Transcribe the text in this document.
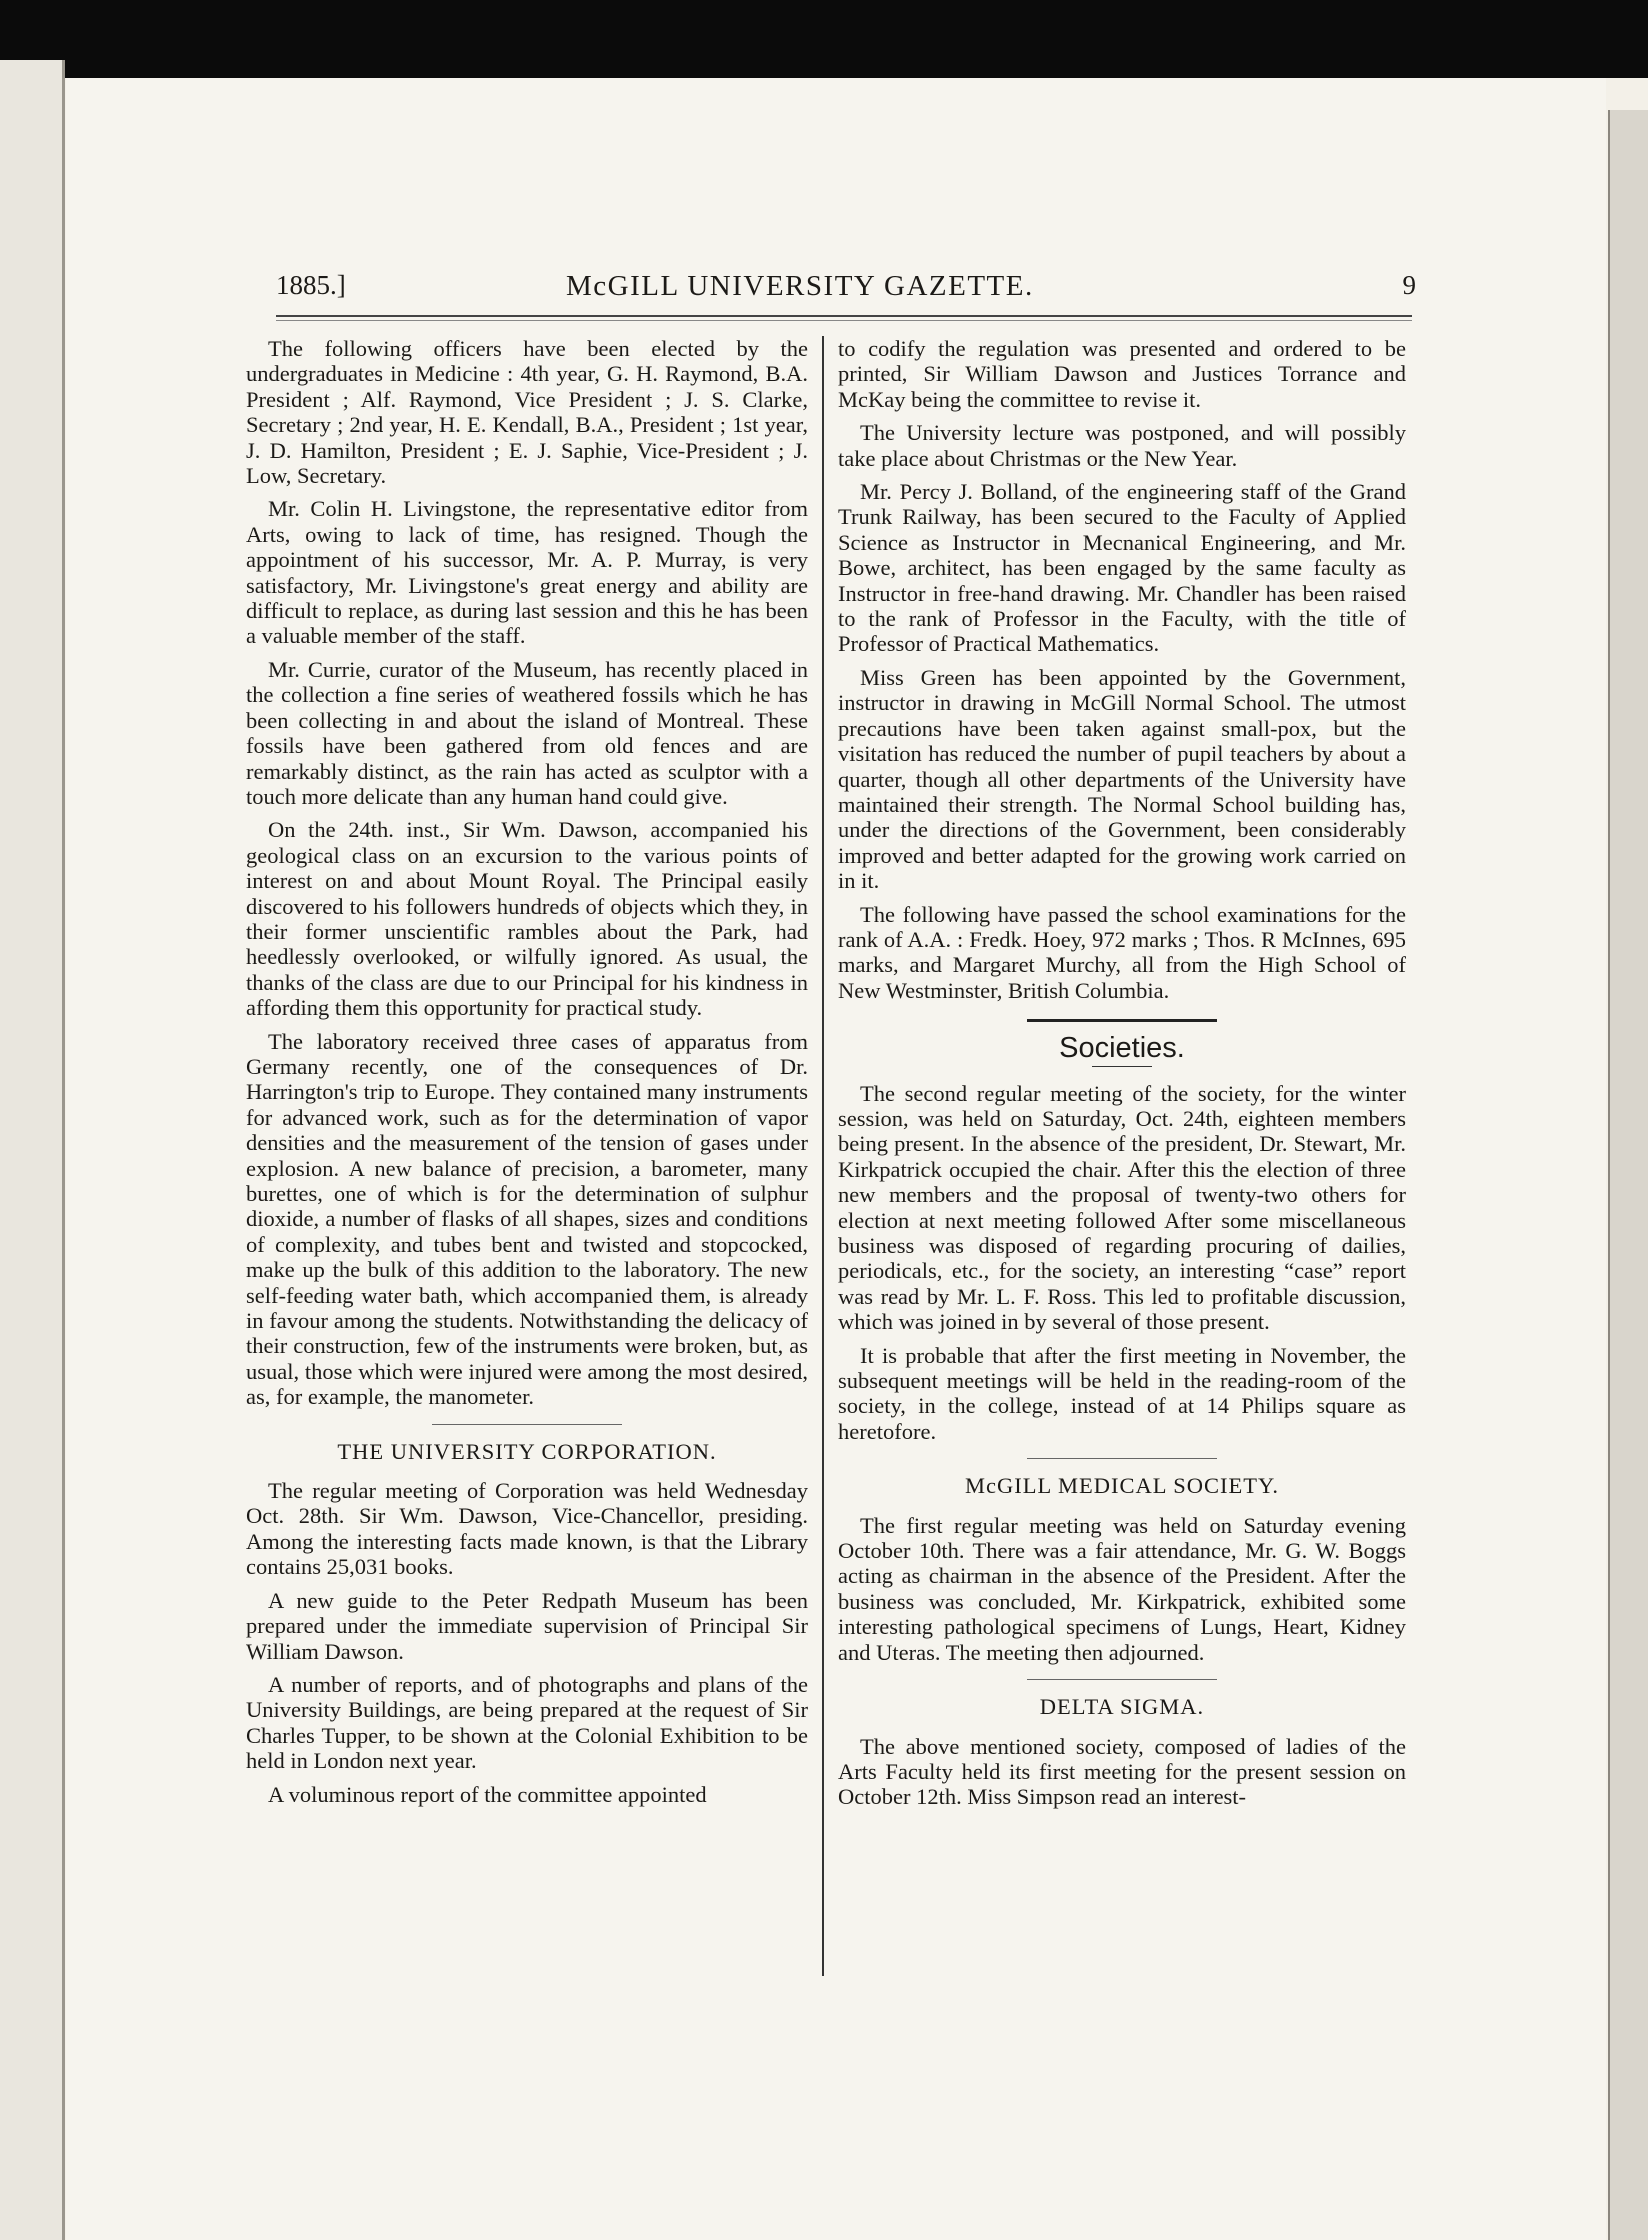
1885.]	McGILL UNIVERSITY GAZETTE.	9

The following officers have been elected by the undergraduates in Medicine : 4th year, G. H. Raymond, B.A. President ; Alf. Raymond, Vice President ; J. S. Clarke, Secretary ; 2nd year, H. E. Kendall, B.A., President ; 1st year, J. D. Hamilton, President ; E. J. Saphie, Vice-President ; J. Low, Secretary.

Mr. Colin H. Livingstone, the representative editor from Arts, owing to lack of time, has resigned. Though the appointment of his successor, Mr. A. P. Murray, is very satisfactory, Mr. Livingstone's great energy and ability are difficult to replace, as during last session and this he has been a valuable member of the staff.

Mr. Currie, curator of the Museum, has recently placed in the collection a fine series of weathered fossils which he has been collecting in and about the island of Montreal. These fossils have been gathered from old fences and are remarkably distinct, as the rain has acted as sculptor with a touch more delicate than any human hand could give.

On the 24th. inst., Sir Wm. Dawson, accompanied his geological class on an excursion to the various points of interest on and about Mount Royal. The Principal easily discovered to his followers hundreds of objects which they, in their former unscientific rambles about the Park, had heedlessly overlooked, or wilfully ignored. As usual, the thanks of the class are due to our Principal for his kindness in affording them this opportunity for practical study.

The laboratory received three cases of apparatus from Germany recently, one of the consequences of Dr. Harrington's trip to Europe. They contained many instruments for advanced work, such as for the determination of vapor densities and the measurement of the tension of gases under explosion. A new balance of precision, a barometer, many burettes, one of which is for the determination of sulphur dioxide, a number of flasks of all shapes, sizes and conditions of complexity, and tubes bent and twisted and stopcocked, make up the bulk of this addition to the laboratory. The new self-feeding water bath, which accompanied them, is already in favour among the students. Notwithstanding the delicacy of their construction, few of the instruments were broken, but, as usual, those which were injured were among the most desired, as, for example, the manometer.

THE UNIVERSITY CORPORATION.

The regular meeting of Corporation was held Wednesday Oct. 28th. Sir Wm. Dawson, Vice-Chancellor, presiding. Among the interesting facts made known, is that the Library contains 25,031 books.

A new guide to the Peter Redpath Museum has been prepared under the immediate supervision of Principal Sir William Dawson.

A number of reports, and of photographs and plans of the University Buildings, are being prepared at the request of Sir Charles Tupper, to be shown at the Colonial Exhibition to be held in London next year.

A voluminous report of the committee appointed

to codify the regulation was presented and ordered to be printed, Sir William Dawson and Justices Torrance and McKay being the committee to revise it.

The University lecture was postponed, and will possibly take place about Christmas or the New Year.

Mr. Percy J. Bolland, of the engineering staff of the Grand Trunk Railway, has been secured to the Faculty of Applied Science as Instructor in Mecnanical Engineering, and Mr. Bowe, architect, has been engaged by the same faculty as Instructor in free-hand drawing. Mr. Chandler has been raised to the rank of Professor in the Faculty, with the title of Professor of Practical Mathematics.

Miss Green has been appointed by the Government, instructor in drawing in McGill Normal School. The utmost precautions have been taken against small-pox, but the visitation has reduced the number of pupil teachers by about a quarter, though all other departments of the University have maintained their strength. The Normal School building has, under the directions of the Government, been considerably improved and better adapted for the growing work carried on in it.

The following have passed the school examinations for the rank of A.A. : Fredk. Hoey, 972 marks ; Thos. R McInnes, 695 marks, and Margaret Murchy, all from the High School of New Westminster, British Columbia.

Societies.

The second regular meeting of the society, for the winter session, was held on Saturday, Oct. 24th, eighteen members being present. In the absence of the president, Dr. Stewart, Mr. Kirkpatrick occupied the chair. After this the election of three new members and the proposal of twenty-two others for election at next meeting followed After some miscellaneous business was disposed of regarding procuring of dailies, periodicals, etc., for the society, an interesting “case” report was read by Mr. L. F. Ross. This led to profitable discussion, which was joined in by several of those present.

It is probable that after the first meeting in November, the subsequent meetings will be held in the reading-room of the society, in the college, instead of at 14 Philips square as heretofore.

McGILL MEDICAL SOCIETY.

The first regular meeting was held on Saturday evening October 10th. There was a fair attendance, Mr. G. W. Boggs acting as chairman in the absence of the President. After the business was concluded, Mr. Kirkpatrick, exhibited some interesting pathological specimens of Lungs, Heart, Kidney and Uteras. The meeting then adjourned.

DELTA SIGMA.

The above mentioned society, composed of ladies of the Arts Faculty held its first meeting for the present session on October 12th. Miss Simpson read an interest-
